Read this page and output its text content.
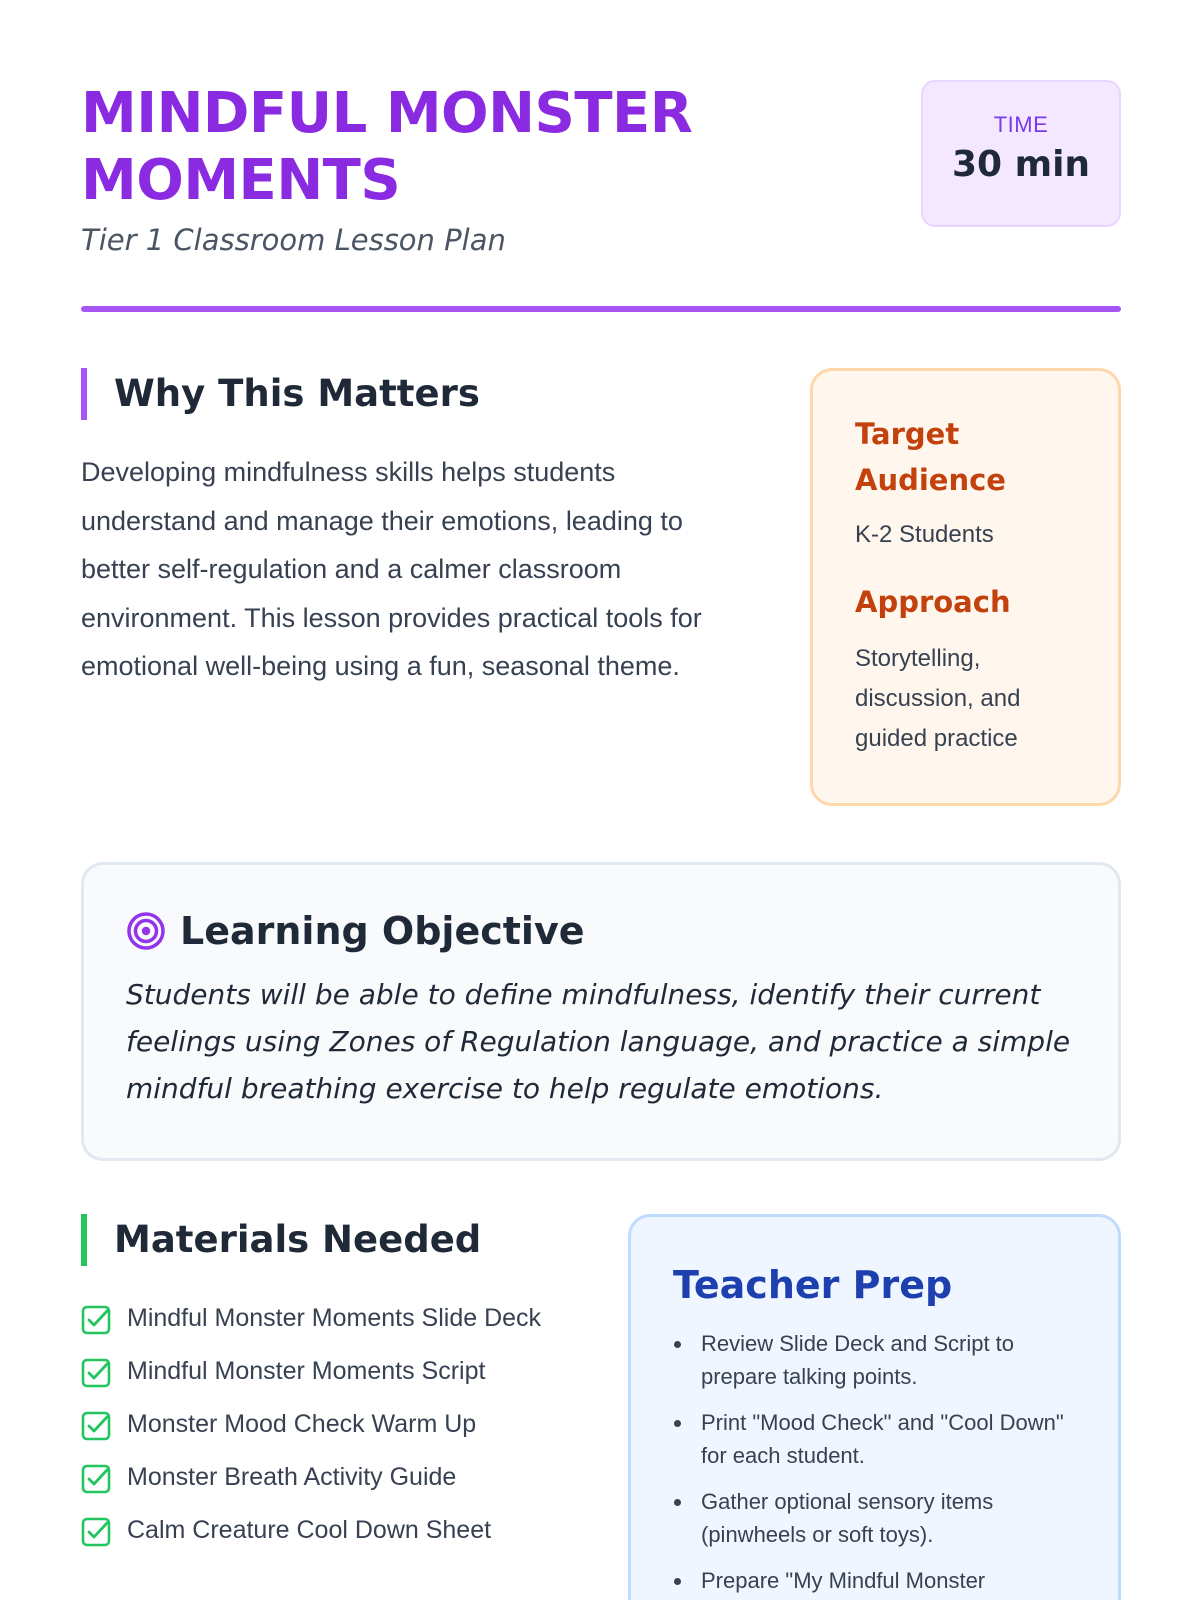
MINDFUL MONSTER MOMENTS
Tier 1 Classroom Lesson Plan
TIME
30 min
Why This Matters

Developing mindfulness skills helps students understand and manage their emotions, leading to better self-regulation and a calmer classroom environment. This lesson provides practical tools for emotional well-being using a fun, seasonal theme.

Target Audience
K-2 Students
Approach
Storytelling, discussion, and guided practice
Learning Objective

Students will be able to define mindfulness, identify their current feelings using Zones of Regulation language, and practice a simple mindful breathing exercise to help regulate emotions.

Materials Needed
Mindful Monster Moments Slide Deck
Mindful Monster Moments Script
Monster Mood Check Warm Up
Monster Breath Activity Guide
Calm Creature Cool Down Sheet
Teacher Prep
Review Slide Deck and Script to prepare talking points.
Print "Mood Check" and "Cool Down" for each student.
Gather optional sensory items (pinwheels or soft toys).
Prepare "My Mindful Monster
